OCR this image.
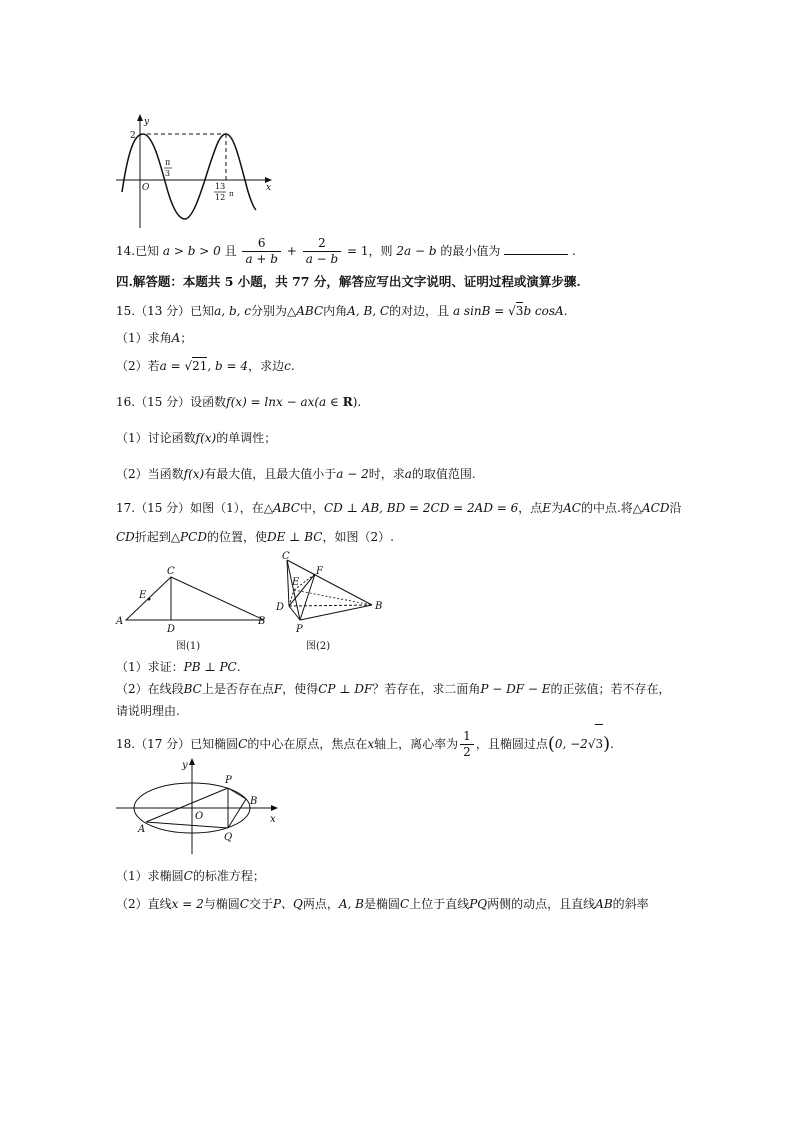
y
x
O
2
π
3
13
12 π
14.已知 a > b > 0 且 $\frac{6}{a + b} + \frac{2}{a - b} = 1$，则 2a − b 的最小值为	.
四.解答题：本题共 5 小题，共 77 分，解答应写出文字说明、证明过程或演算步骤.
15.（13 分）已知a, b, c分别为△ABC内角A, B, C的对边，且 a sinB = √3b cosA.
（1）求角A；
（2）若a = √21, b = 4，求边c.
16.（15 分）设函数f(x) = lnx − ax(a ∈ R).
（1）讨论函数f(x)的单调性；
（2）当函数f(x)有最大值，且最大值小于a − 2时，求a的取值范围.
17.（15 分）如图（1），在△ABC中，CD ⊥ AB, BD = 2CD = 2AD = 6，点E为AC的中点.将△ACD沿
CD折起到△PCD的位置，使DE ⊥ BC，如图（2）.
A	B
C
D
E
图(1)
C
E
F
D	B
P
图(2)
（1）求证：PB ⊥ PC.
（2）在线段BC上是否存在点F，使得CP ⊥ DF？若存在，求二面角P − DF − E的正弦值；若不存在，
请说明理由.
18.（17 分）已知椭圆C的中心在原点，焦点在x轴上，离心率为 $\frac{1}{2}$ ，且椭圆过点(0, −2√3).
y
x
O
P
B
A
Q
（1）求椭圆C的标准方程；
（2）直线x = 2与椭圆C交于P、Q两点，A, B是椭圆C上位于直线PQ两侧的动点，且直线AB的斜率
